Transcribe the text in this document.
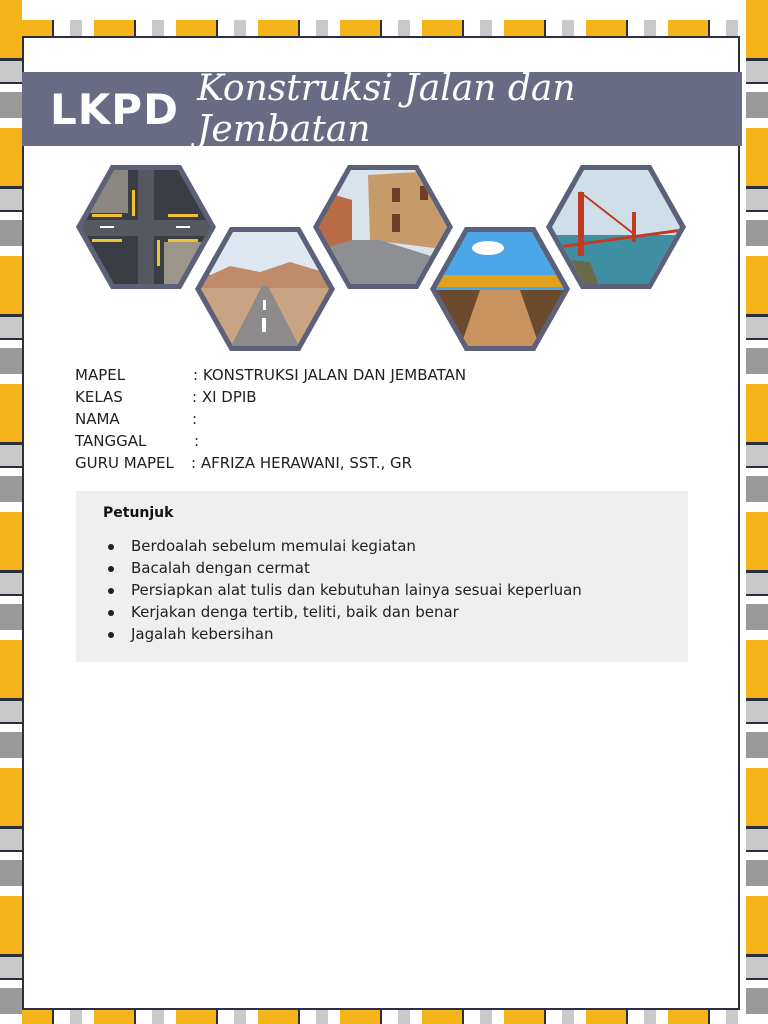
LKPD Konstruksi Jalan dan Jembatan
MAPEL	: KONSTRUKSI JALAN DAN JEMBATAN
KELAS	: XI DPIB
NAMA	:
TANGGAL	:
GURU MAPEL : AFRIZA HERAWANI, SST., GR
Petunjuk
Berdoalah sebelum memulai kegiatan
Bacalah dengan cermat
Persiapkan alat tulis dan kebutuhan lainya sesuai keperluan
Kerjakan denga tertib, teliti, baik dan benar
Jagalah kebersihan
